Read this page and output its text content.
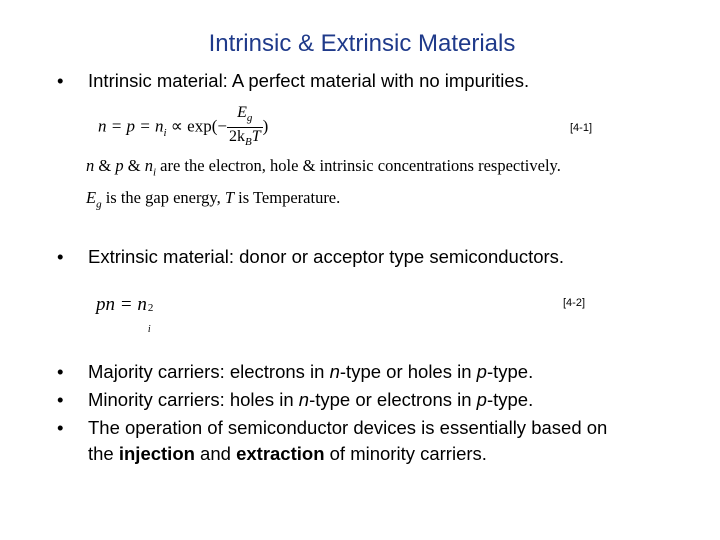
Intrinsic & Extrinsic Materials
•	Intrinsic material: A perfect material with no impurities.
$n = p = n_i \propto \exp(- \frac{E_g}{2k_BT}$ )	[4-1]
n & p & $n_i$ are the electron, hole & intrinsic concentrations respectively.
$E_g$ is the gap energy, T is Temperature.
•	Extrinsic material: donor or acceptor type semiconductors.
pn = n
i
2	[4-2]
•	Majority carriers: electrons in n-type or holes in p-type.
•	Minority carriers: holes in n-type or electrons in p-type.
•	The operation of semiconductor devices is essentially based on
the injection and extraction of minority carriers.
